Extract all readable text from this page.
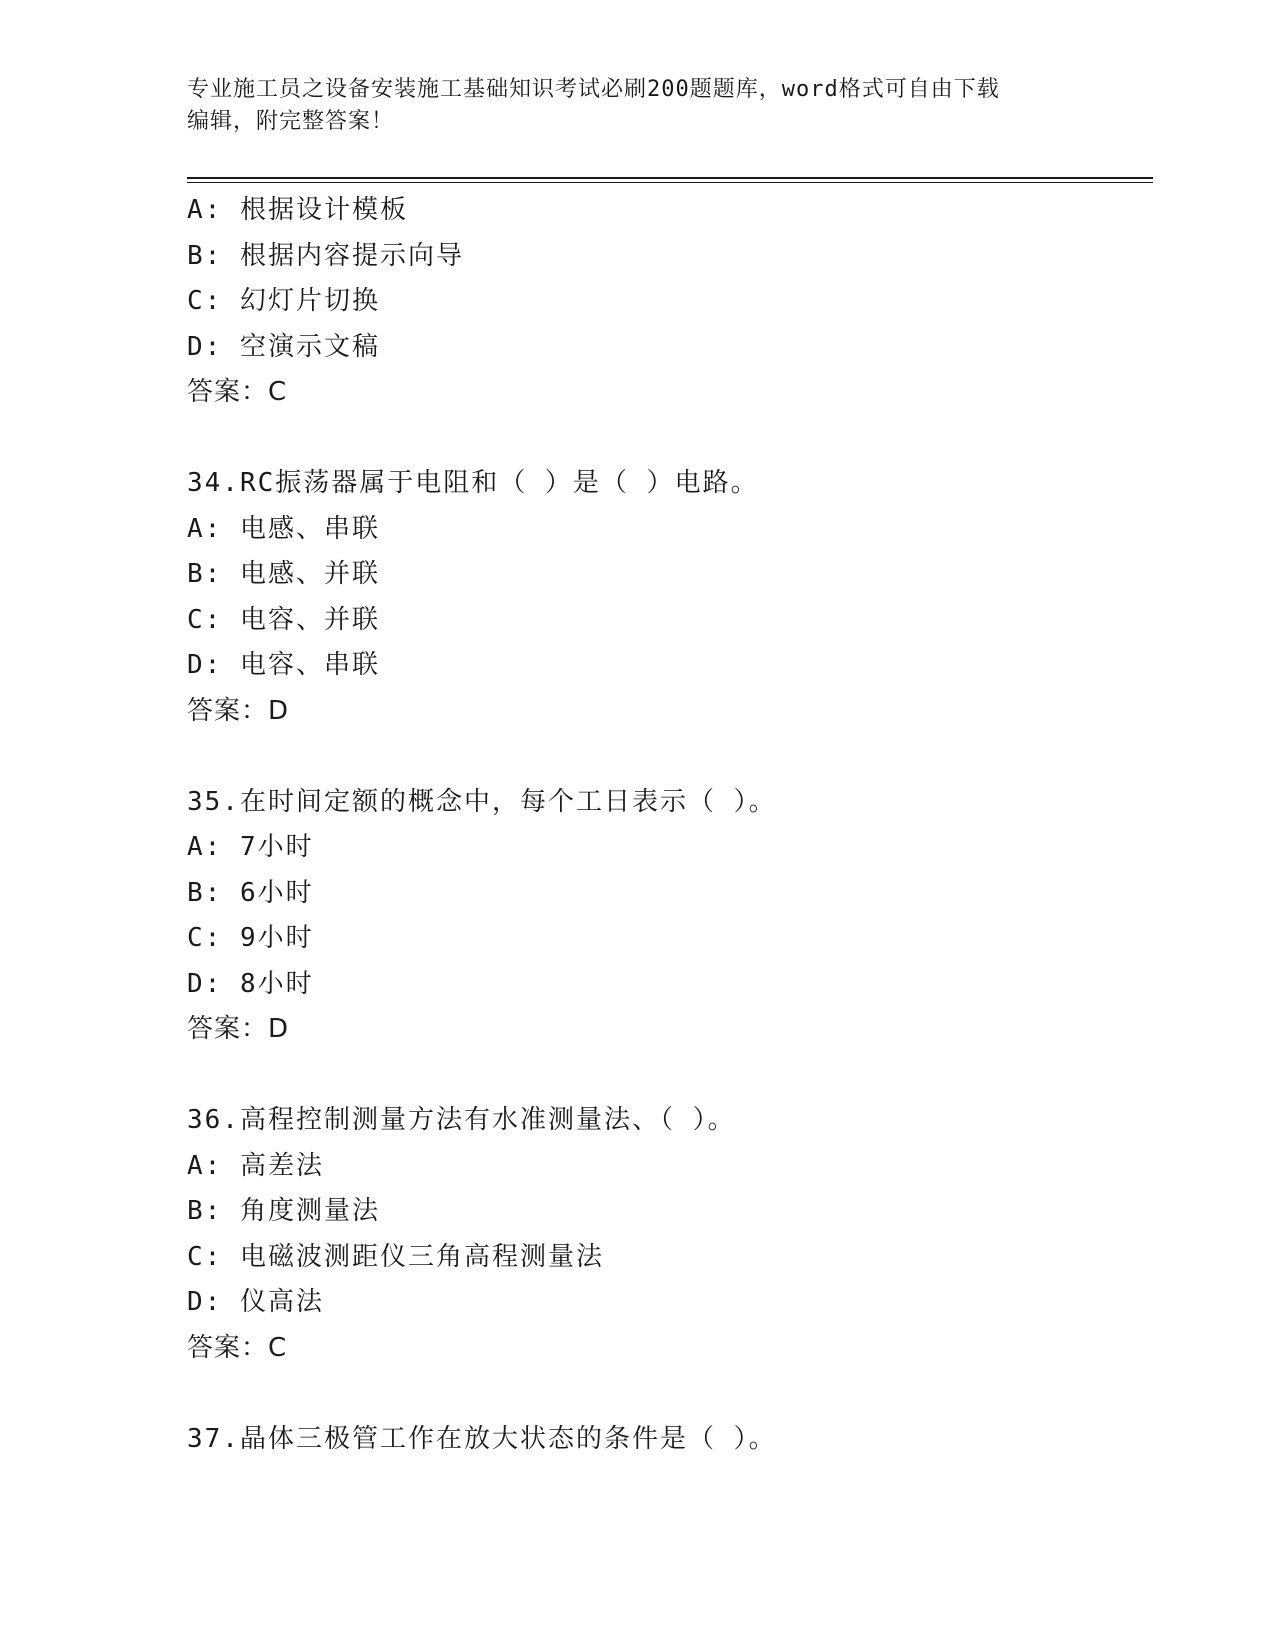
专业施工员之设备安装施工基础知识考试必刷200题题库，word格式可自由下载
编辑，附完整答案！
A: 根据设计模板
B: 根据内容提示向导
C: 幻灯片切换
D: 空演示文稿
答案：C
34.RC振荡器属于电阻和（ ）是（ ）电路。
A: 电感、串联
B: 电感、并联
C: 电容、并联
D: 电容、串联
答案：D
35.在时间定额的概念中，每个工日表示（ ）。
A: 7小时
B: 6小时
C: 9小时
D: 8小时
答案：D
36.高程控制测量方法有水准测量法、（ ）。
A: 高差法
B: 角度测量法
C: 电磁波测距仪三角高程测量法
D: 仪高法
答案：C
37.晶体三极管工作在放大状态的条件是（ ）。
